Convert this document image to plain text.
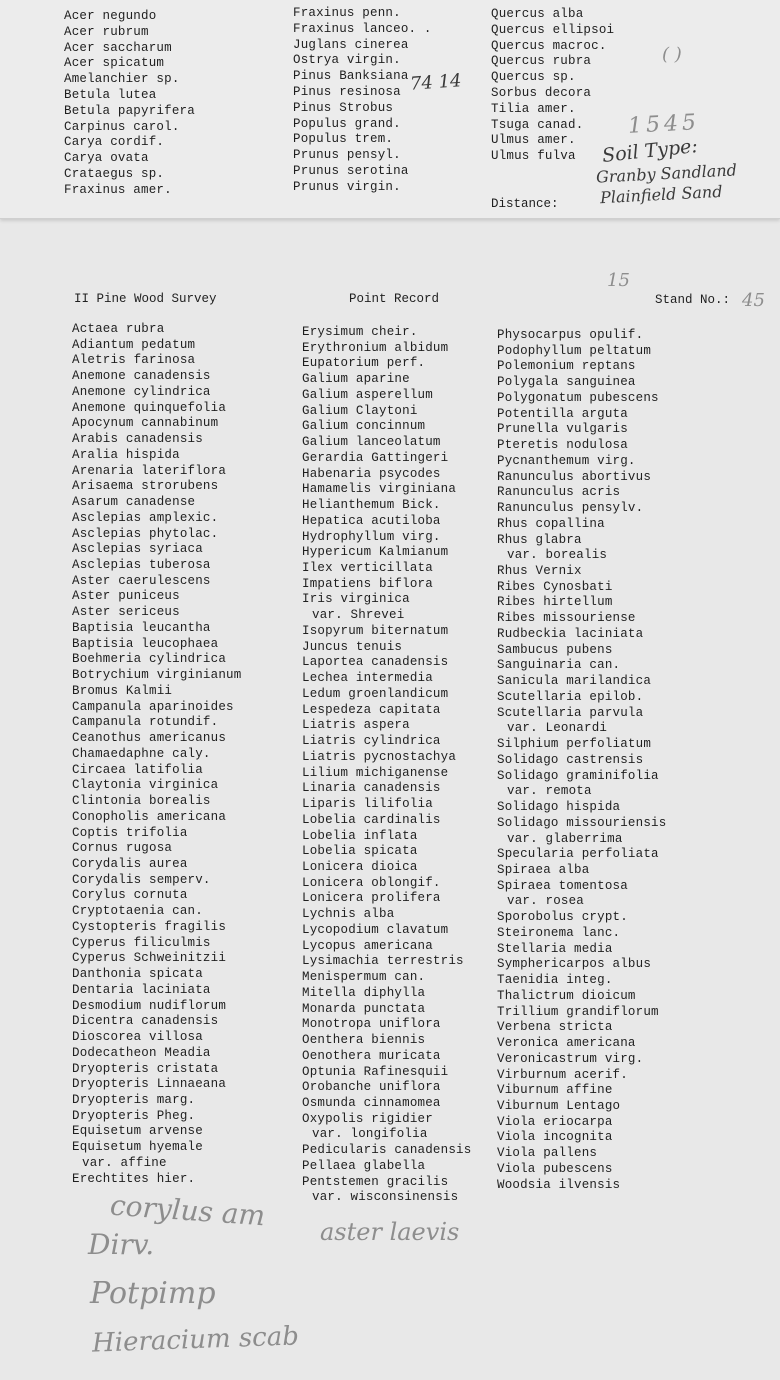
Acer negundo
Acer rubrum
Acer saccharum
Acer spicatum
Amelanchier sp.
Betula lutea
Betula papyrifera
Carpinus carol.
Carya cordif.
Carya ovata
Crataegus sp.
Fraxinus amer.
Fraxinus penn.
Fraxinus lanceo. .
Juglans cinerea
Ostrya virgin.
Pinus Banksiana
Pinus resinosa
Pinus Strobus
Populus grand.
Populus trem.
Prunus pensyl.
Prunus serotina
Prunus virgin.
Quercus alba
Quercus ellipsoi
Quercus macroc.
Quercus rubra
Quercus sp.
Sorbus decora
Tilia amer.
Tsuga canad.
Ulmus amer.
Ulmus fulva
Distance:
74 14
( )
1545
Soil Type:
Granby Sandland
Plainfield Sand
II Pine Wood Survey	Point Record	Stand No.: 45
15
Actaea rubra
Adiantum pedatum
Aletris farinosa
Anemone canadensis
Anemone cylindrica
Anemone quinquefolia
Apocynum cannabinum
Arabis canadensis
Aralia hispida
Arenaria lateriflora
Arisaema strorubens
Asarum canadense
Asclepias amplexic.
Asclepias phytolac.
Asclepias syriaca
Asclepias tuberosa
Aster caerulescens
Aster puniceus
Aster sericeus
Baptisia leucantha
Baptisia leucophaea
Boehmeria cylindrica
Botrychium virginianum
Bromus Kalmii
Campanula aparinoides
Campanula rotundif.
Ceanothus americanus
Chamaedaphne caly.
Circaea latifolia
Claytonia virginica
Clintonia borealis
Conopholis americana
Coptis trifolia
Cornus rugosa
Corydalis aurea
Corydalis semperv.
Corylus cornuta
Cryptotaenia can.
Cystopteris fragilis
Cyperus filiculmis
Cyperus Schweinitzii
Danthonia spicata
Dentaria laciniata
Desmodium nudiflorum
Dicentra canadensis
Dioscorea villosa
Dodecatheon Meadia
Dryopteris cristata
Dryopteris Linnaeana
Dryopteris marg.
Dryopteris Pheg.
Equisetum arvense
Equisetum hyemale
var. affine
Erechtites hier.
Erysimum cheir.
Erythronium albidum
Eupatorium perf.
Galium aparine
Galium asperellum
Galium Claytoni
Galium concinnum
Galium lanceolatum
Gerardia Gattingeri
Habenaria psycodes
Hamamelis virginiana
Helianthemum Bick.
Hepatica acutiloba
Hydrophyllum virg.
Hypericum Kalmianum
Ilex verticillata
Impatiens biflora
Iris virginica
var. Shrevei
Isopyrum biternatum
Juncus tenuis
Laportea canadensis
Lechea intermedia
Ledum groenlandicum
Lespedeza capitata
Liatris aspera
Liatris cylindrica
Liatris pycnostachya
Lilium michiganense
Linaria canadensis
Liparis lilifolia
Lobelia cardinalis
Lobelia inflata
Lobelia spicata
Lonicera dioica
Lonicera oblongif.
Lonicera prolifera
Lychnis alba
Lycopodium clavatum
Lycopus americana
Lysimachia terrestris
Menispermum can.
Mitella diphylla
Monarda punctata
Monotropa uniflora
Oenthera biennis
Oenothera muricata
Optunia Rafinesquii
Orobanche uniflora
Osmunda cinnamomea
Oxypolis rigidier
var. longifolia
Pedicularis canadensis
Pellaea glabella
Pentstemen gracilis
var. wisconsinensis
Physocarpus opulif.
Podophyllum peltatum
Polemonium reptans
Polygala sanguinea
Polygonatum pubescens
Potentilla arguta
Prunella vulgaris
Pteretis nodulosa
Pycnanthemum virg.
Ranunculus abortivus
Ranunculus acris
Ranunculus pensylv.
Rhus copallina
Rhus glabra
var. borealis
Rhus Vernix
Ribes Cynosbati
Ribes hirtellum
Ribes missouriense
Rudbeckia laciniata
Sambucus pubens
Sanguinaria can.
Sanicula marilandica
Scutellaria epilob.
Scutellaria parvula
var. Leonardi
Silphium perfoliatum
Solidago castrensis
Solidago graminifolia
var. remota
Solidago hispida
Solidago missouriensis
var. glaberrima
Specularia perfoliata
Spiraea alba
Spiraea tomentosa
var. rosea
Sporobolus crypt.
Steironema lanc.
Stellaria media
Symphericarpos albus
Taenidia integ.
Thalictrum dioicum
Trillium grandiflorum
Verbena stricta
Veronica americana
Veronicastrum virg.
Virburnum acerif.
Viburnum affine
Viburnum Lentago
Viola eriocarpa
Viola incognita
Viola pallens
Viola pubescens
Woodsia ilvensis
corylus am
Dirv.
Potpimp
Hieracium scab
aster laevis
